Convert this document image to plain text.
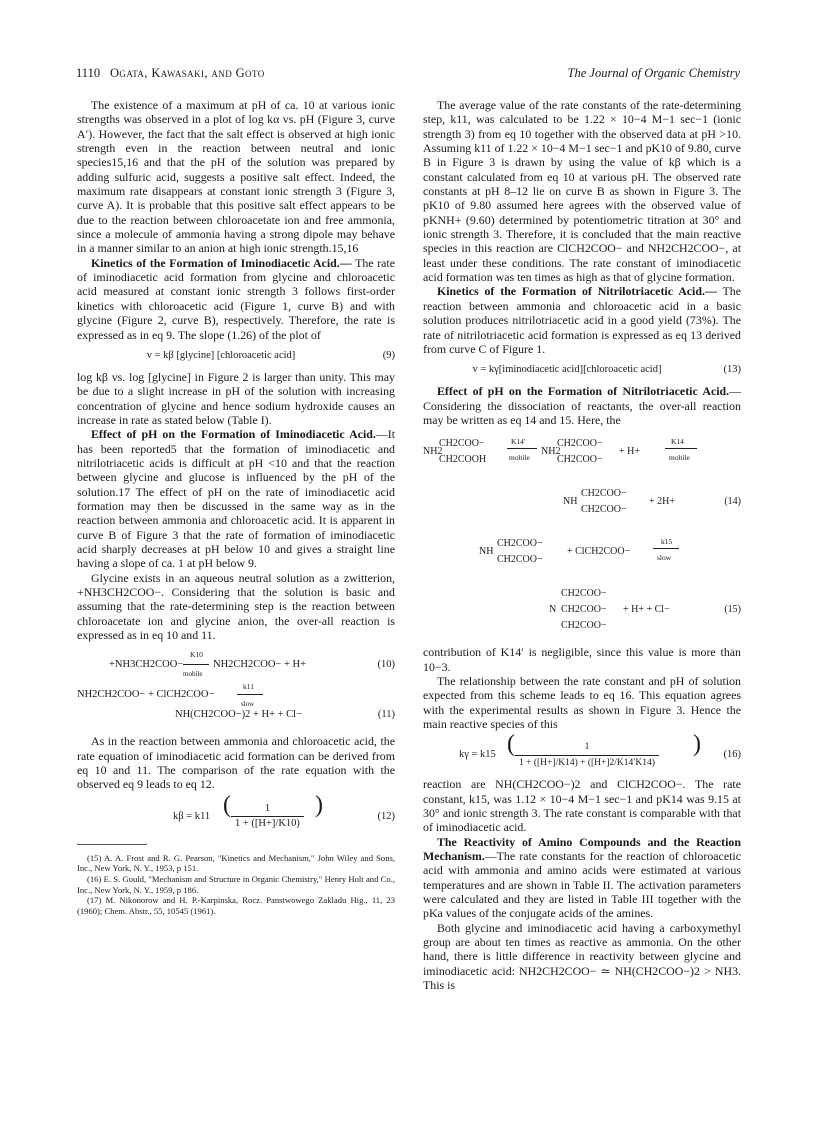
1110 Ogata, Kawasaki, and Goto	The Journal of Organic Chemistry

The existence of a maximum at pH of ca. 10 at various ionic strengths was observed in a plot of log kα vs. pH (Figure 3, curve A′). However, the fact that the salt effect is observed at high ionic strength even in the reaction between neutral and ionic species15,16 and that the pH of the solution was prepared by adding sulfuric acid, suggests a positive salt effect. Indeed, the maximum rate disappears at constant ionic strength 3 (Figure 3, curve A). It is probable that this positive salt effect appears to be due to the reaction between chloroacetate ion and free ammonia, since a molecule of ammonia having a strong dipole may behave in a manner similar to an anion at high ionic strength.15,16

Kinetics of the Formation of Iminodiacetic Acid.— The rate of iminodiacetic acid formation from glycine and chloroacetic acid measured at constant ionic strength 3 follows first-order kinetics with chloroacetic acid (Figure 1, curve B) and with glycine (Figure 2, curve B), respectively. Therefore, the rate is expressed as in eq 9. The slope (1.26) of the plot of

v = kβ [glycine] [chloroacetic acid]	(9)

log kβ vs. log [glycine] in Figure 2 is larger than unity. This may be due to a slight increase in pH of the solution with increasing concentration of glycine and hence sodium hydroxide causes an increase in rate as stated below (Table I).

Effect of pH on the Formation of Iminodiacetic Acid.—It has been reported5 that the formation of iminodiacetic and nitrilotriacetic acids is difficult at pH <10 and that the reaction between glycine and glucose is influenced by the pH of the solution.17 The effect of pH on the rate of iminodiacetic acid formation may then be discussed in the same way as in the reaction between ammonia and chloroacetic acid. It is apparent in curve B of Figure 3 that the rate of formation of iminodiacetic acid sharply decreases at pH below 10 and gives a straight line having a slope of ca. 1 at pH below 9.

Glycine exists in an aqueous neutral solution as a zwitterion, +NH3CH2COO−. Considering that the solution is basic and assuming that the rate-determining step is the reaction between chloroacetate ion and glycine anion, the over-all reaction is expressed as in eq 10 and 11.

+NH3CH2COO−
K10
mobile
NH2CH2COO− + H+	(10)
NH2CH2COO− + ClCH2COO−
k11
slow
NH(CH2COO−)2 + H+ + Cl−	(11)

As in the reaction between ammonia and chloroacetic acid, the rate equation of iminodiacetic acid formation can be derived from eq 10 and 11. The comparison of the rate equation with the observed eq 9 leads to eq 12.

kβ = k11 ( $\frac{1}{1 + ([H+]/K10)}$ )	(12)

(15) A. A. Frost and R. G. Pearson, "Kinetics and Mechanism," John Wiley and Sons, Inc., New York, N. Y., 1953, p 151.

(16) E. S. Gould, "Mechanism and Structure in Organic Chemistry," Henry Holt and Co., Inc., New York, N. Y., 1959, p 186.

(17) M. Nikonorow and H. P.-Karpinska, Rocz. Panstwowego Zakladu Hig., 11, 23 (1960); Chem. Abstr., 55, 10545 (1961).

The average value of the rate constants of the rate-determining step, k11, was calculated to be 1.22 × 10−4 M−1 sec−1 (ionic strength 3) from eq 10 together with the observed data at pH >10. Assuming k11 of 1.22 × 10−4 M−1 sec−1 and pK10 of 9.80, curve B in Figure 3 is drawn by using the value of kβ which is a constant calculated from eq 10 at various pH. The observed rate constants at pH 8–12 lie on curve B as shown in Figure 3. The pK10 of 9.80 assumed here agrees with the observed value of pKNH+ (9.60) determined by potentiometric titration at 30° and ionic strength 3. Therefore, it is concluded that the main reactive species in this reaction are ClCH2COO− and NH2CH2COO−, at least under these conditions. The rate constant of iminodiacetic acid formation was ten times as high as that of glycine formation.

Kinetics of the Formation of Nitrilotriacetic Acid.— The reaction between ammonia and chloroacetic acid in a basic solution produces nitrilotriacetic acid in a good yield (73%). The rate of nitrilotriacetic acid formation is expressed as eq 13 derived from curve C of Figure 1.

v = kγ[iminodiacetic acid][chloroacetic acid]	(13)

Effect of pH on the Formation of Nitrilotriacetic Acid.—Considering the dissociation of reactants, the over-all reaction may be written as eq 14 and 15. Here, the

NH2
CH2COO−
CH2COOH
K14′
mobile
NH2
CH2COO−
CH2COO−
+ H+
K14
mobile
NH
CH2COO−
CH2COO−
+ 2H+	(14)
NH
CH2COO−
CH2COO−
+ ClCH2COO−
k15
slow
N
CH2COO−
CH2COO−
CH2COO−
+ H+ + Cl−	(15)

contribution of K14′ is negligible, since this value is more than 10−3.

The relationship between the rate constant and pH of solution expected from this scheme leads to eq 16. This equation agrees with the experimental results as shown in Figure 3. Hence the main reactive species of this

kγ = k15 ( $\frac{1}{1 + ([H+]/K14) + ([H+]2/K14'K14)}$ ) (16)

reaction are NH(CH2COO−)2 and ClCH2COO−. The rate constant, k15, was 1.12 × 10−4 M−1 sec−1 and pK14 was 9.15 at 30° and ionic strength 3. The rate constant is comparable with that of iminodiacetic acid.

The Reactivity of Amino Compounds and the Reaction Mechanism.—The rate constants for the reaction of chloroacetic acid with ammonia and amino acids were estimated at various temperatures and are shown in Table II. The activation parameters were calculated and they are listed in Table III together with the pKa values of the conjugate acids of the amines.

Both glycine and iminodiacetic acid having a carboxymethyl group are about ten times as reactive as ammonia. On the other hand, there is little difference in reactivity between glycine and iminodiacetic acid: NH2CH2COO− ≃ NH(CH2COO−)2 > NH3. This is
